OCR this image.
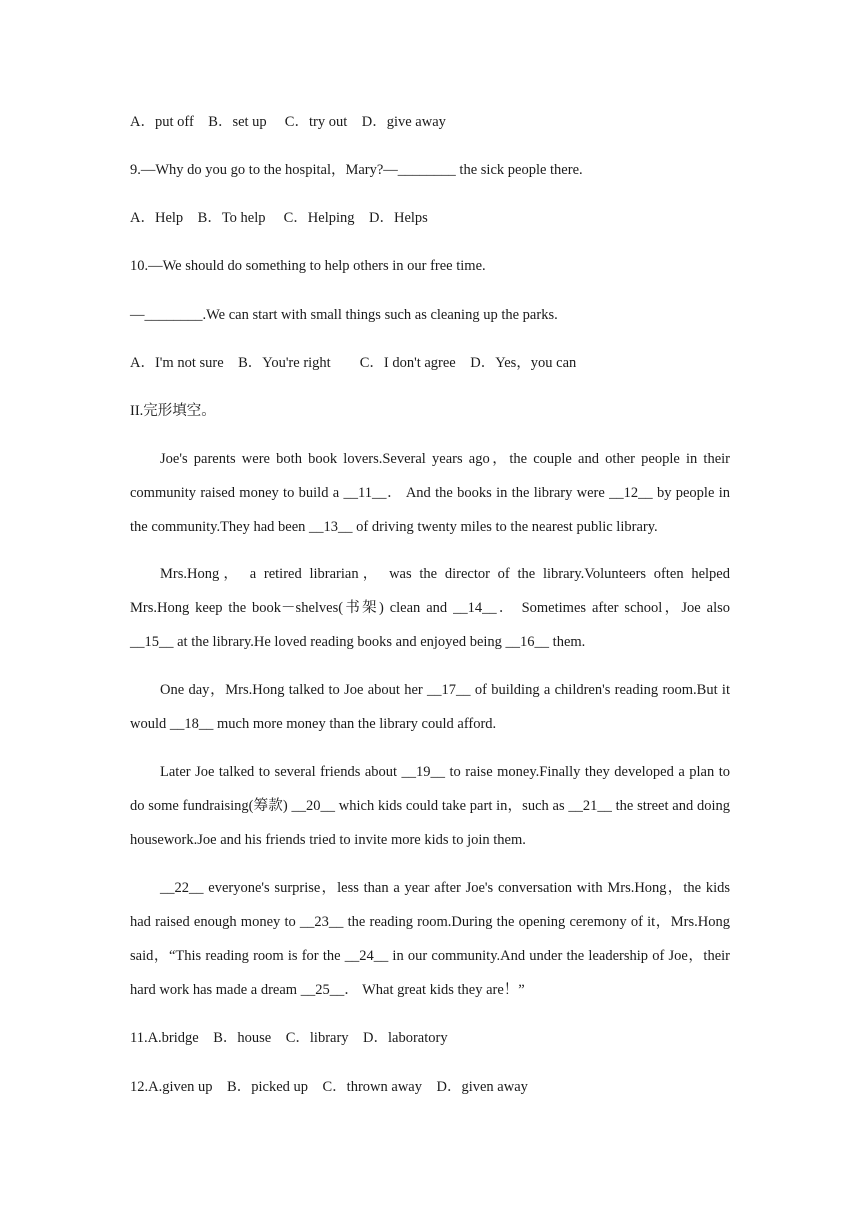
A．put off　B．set up　 C．try out　D．give away
9.—Why do you go to the hospital，Mary?—________ the sick people there.
A．Help　B．To help　 C．Helping　D．Helps
10.—We should do something to help others in our free time.
—________.We can start with small things such as cleaning up the parks.
A．I'm not sure　B．You're right　　C．I don't agree　D．Yes，you can
II.完形填空。
Joe's parents were both book lovers.Several years ago，the couple and other people in their community raised money to build a __11__． And the books in the library were __12__ by people in the community.They had been __13__ of driving twenty miles to the nearest public library.
Mrs.Hong， a retired librarian， was the director of the library.Volunteers often helped Mrs.Hong keep the book－shelves(书架) clean and __14__． Sometimes after school，Joe also __15__ at the library.He loved reading books and enjoyed being __16__ them.
One day，Mrs.Hong talked to Joe about her __17__ of building a children's reading room.But it would __18__ much more money than the library could afford.
Later Joe talked to several friends about __19__ to raise money.Finally they developed a plan to do some fundraising(筹款) __20__ which kids could take part in，such as __21__ the street and doing housework.Joe and his friends tried to invite more kids to join them.
__22__ everyone's surprise，less than a year after Joe's conversation with Mrs.Hong，the kids had raised enough money to __23__ the reading room.During the opening ceremony of it，Mrs.Hong said，“This reading room is for the __24__ in our community.And under the leadership of Joe，their hard work has made a dream __25__． What great kids they are！”
11.A.bridge　B．house　C．library　D．laboratory
12.A.given up　B．picked up　C．thrown away　D．given away
